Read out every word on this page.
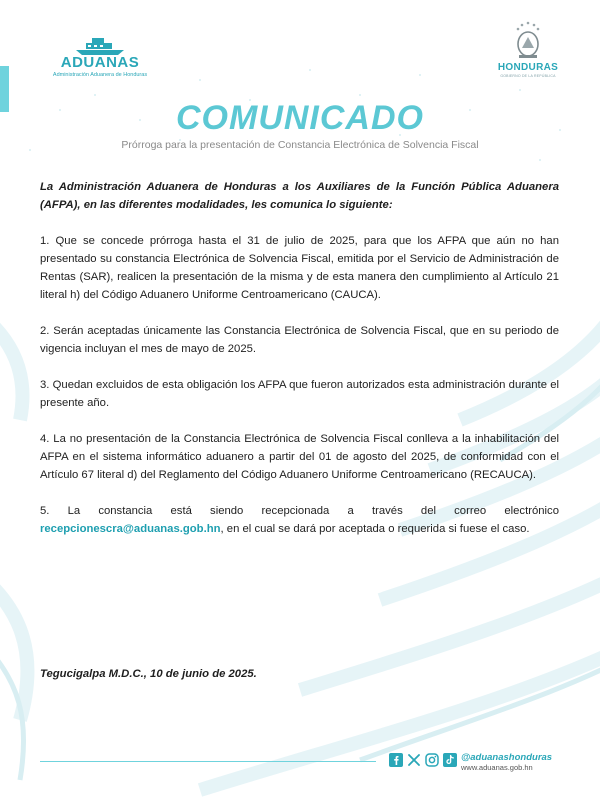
ADUANAS
Administración Aduanera de Honduras
HONDURAS
GOBIERNO DE LA REPÚBLICA
COMUNICADO
Prórroga para la presentación de Constancia Electrónica de Solvencia Fiscal

La Administración Aduanera de Honduras a los Auxiliares de la Función Pública Aduanera (AFPA), en las diferentes modalidades, les comunica lo siguiente:

1. Que se concede prórroga hasta el 31 de julio de 2025, para que los AFPA que aún no han presentado su constancia Electrónica de Solvencia Fiscal, emitida por el Servicio de Administración de Rentas (SAR), realicen la presentación de la misma y de esta manera den cumplimiento al Artículo 21 literal h) del Código Aduanero Uniforme Centroamericano (CAUCA).

2. Serán aceptadas únicamente las Constancia Electrónica de Solvencia Fiscal, que en su periodo de vigencia incluyan el mes de mayo de 2025.

3. Quedan excluidos de esta obligación los AFPA que fueron autorizados esta administración durante el presente año.

4. La no presentación de la Constancia Electrónica de Solvencia Fiscal conlleva a la inhabilitación del AFPA en el sistema informático aduanero a partir del 01 de agosto del 2025, de conformidad con el Artículo 67 literal d) del Reglamento del Código Aduanero Uniforme Centroamericano (RECAUCA).

5. La constancia está siendo recepcionada a través del correo electrónico recepcionescra@aduanas.gob.hn, en el cual se dará por aceptada o requerida si fuese el caso.

Tegucigalpa M.D.C., 10 de junio de 2025.
@aduanashonduras
www.aduanas.gob.hn
